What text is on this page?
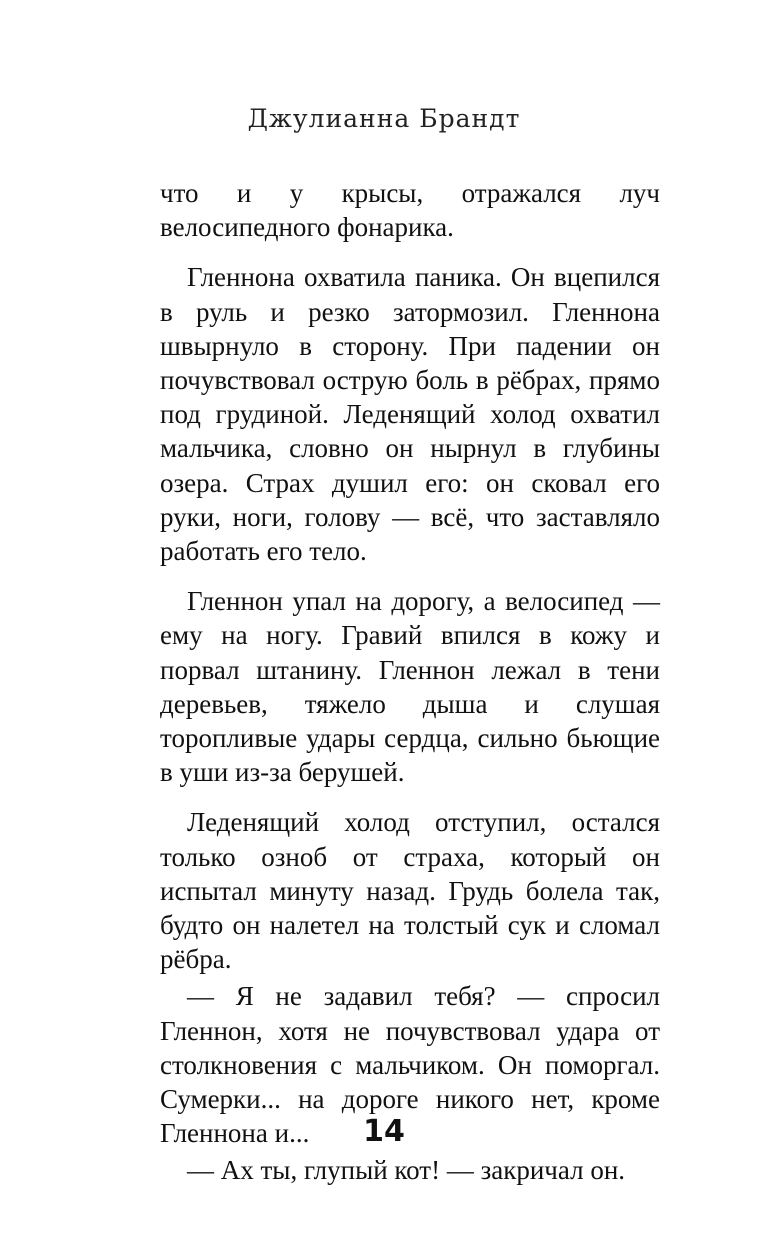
Джулианна Брандт

что и у крысы, отражался луч велосипедного фонарика.

Гленнона охватила паника. Он вцепился в руль и резко затормозил. Гленнона швырнуло в сторону. При падении он почувствовал острую боль в рёбрах, прямо под грудиной. Леденящий холод охватил мальчика, словно он нырнул в глубины озера. Страх душил его: он сковал его руки, ноги, голову — всё, что заставляло работать его тело.

Гленнон упал на дорогу, а велосипед — ему на ногу. Гравий впился в кожу и порвал штанину. Гленнон лежал в тени деревьев, тяжело дыша и слушая торопливые удары сердца, сильно бьющие в уши из-за берушей.

Леденящий холод отступил, остался только озноб от страха, который он испытал минуту назад. Грудь болела так, будто он налетел на толстый сук и сломал рёбра.

— Я не задавил тебя? — спросил Гленнон, хотя не почувствовал удара от столкновения с мальчиком. Он поморгал. Сумерки... на дороге никого нет, кроме Гленнона и...

— Ах ты, глупый кот! — закричал он.

14
